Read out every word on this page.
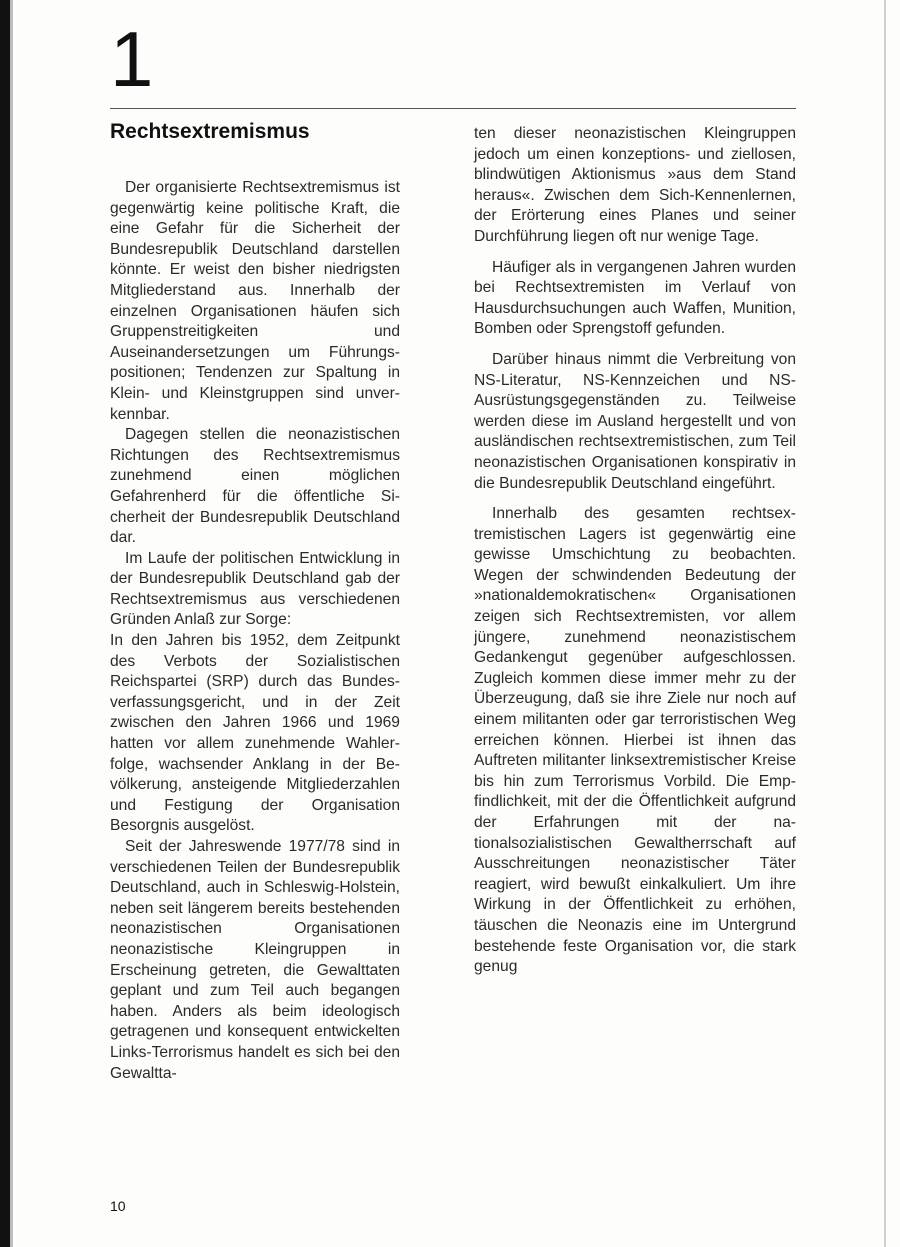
1
Rechtsextremismus

Der organisierte Rechtsextremismus ist gegenwärtig keine politische Kraft, die eine Gefahr für die Sicherheit der Bundesrepublik Deutschland darstellen könnte. Er weist den bisher niedrigsten Mitgliederstand aus. Innerhalb der einzelnen Organisationen häufen sich Gruppenstreitigkeiten und Auseinandersetzungen um Führungspositionen; Tendenzen zur Spaltung in Klein- und Kleinstgruppen sind unverkennbar.

Dagegen stellen die neonazistischen Richtungen des Rechtsextremismus zunehmend einen möglichen Gefahrenherd für die öffentliche Sicherheit der Bundesrepublik Deutschland dar.

Im Laufe der politischen Entwicklung in der Bundesrepublik Deutschland gab der Rechtsextremismus aus verschiedenen Gründen Anlaß zur Sorge:

In den Jahren bis 1952, dem Zeitpunkt des Verbots der Sozialistischen Reichspartei (SRP) durch das Bundesverfassungsgericht, und in der Zeit zwischen den Jahren 1966 und 1969 hatten vor allem zunehmende Wahlerfolge, wachsender Anklang in der Bevölkerung, ansteigende Mitgliederzahlen und Festigung der Organisation Besorgnis ausgelöst.

Seit der Jahreswende 1977/78 sind in verschiedenen Teilen der Bundesrepublik Deutschland, auch in Schleswig-Holstein, neben seit längerem bereits bestehenden neonazistischen Organisationen neonazistische Kleingruppen in Erscheinung getreten, die Gewalttaten geplant und zum Teil auch begangen haben. Anders als beim ideologisch getragenen und konsequent entwickelten Links-Terrorismus handelt es sich bei den Gewaltta-

ten dieser neonazistischen Kleingruppen jedoch um einen konzeptions- und ziellosen, blindwütigen Aktionismus »aus dem Stand heraus«. Zwischen dem Sich-Kennenlernen, der Erörterung eines Planes und seiner Durchführung liegen oft nur wenige Tage.

Häufiger als in vergangenen Jahren wurden bei Rechtsextremisten im Verlauf von Hausdurchsuchungen auch Waffen, Munition, Bomben oder Sprengstoff gefunden.

Darüber hinaus nimmt die Verbreitung von NS-Literatur, NS-Kennzeichen und NS-Ausrüstungsgegenständen zu. Teilweise werden diese im Ausland hergestellt und von ausländischen rechtsextremistischen, zum Teil neonazistischen Organisationen konspirativ in die Bundesrepublik Deutschland eingeführt.

Innerhalb des gesamten rechtsextremistischen Lagers ist gegenwärtig eine gewisse Umschichtung zu beobachten. Wegen der schwindenden Bedeutung der »nationaldemokratischen« Organisationen zeigen sich Rechtsextremisten, vor allem jüngere, zunehmend neonazistischem Gedankengut gegenüber aufgeschlossen. Zugleich kommen diese immer mehr zu der Überzeugung, daß sie ihre Ziele nur noch auf einem militanten oder gar terroristischen Weg erreichen können. Hierbei ist ihnen das Auftreten militanter linksextremistischer Kreise bis hin zum Terrorismus Vorbild. Die Empfindlichkeit, mit der die Öffentlichkeit aufgrund der Erfahrungen mit der nationalsozialistischen Gewaltherrschaft auf Ausschreitungen neonazistischer Täter reagiert, wird bewußt einkalkuliert. Um ihre Wirkung in der Öffentlichkeit zu erhöhen, täuschen die Neonazis eine im Untergrund bestehende feste Organisation vor, die stark genug

10
